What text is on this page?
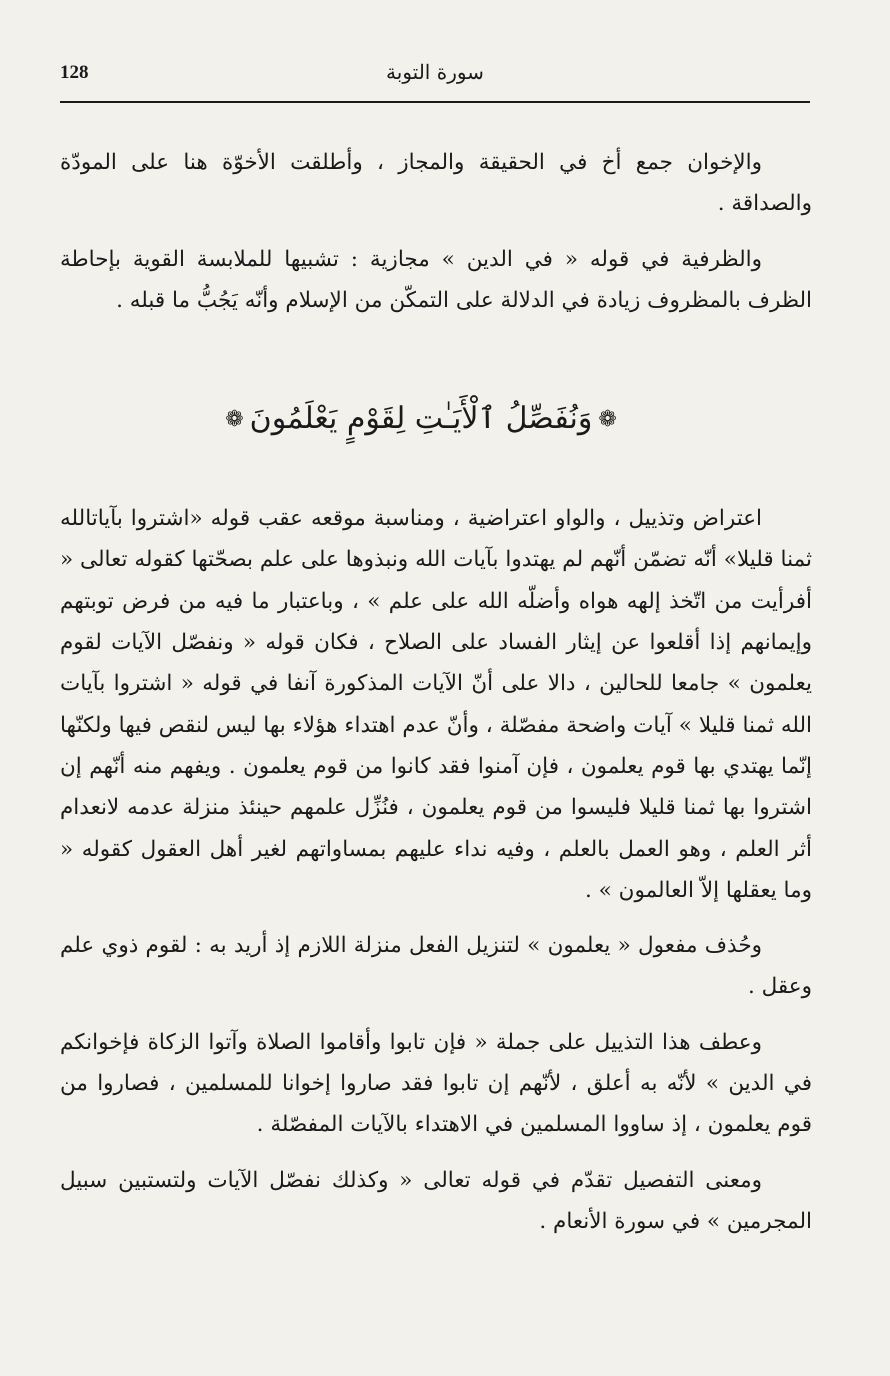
128	سورة التوبة

والإخوان جمع أخ في الحقيقة والمجاز ، وأطلقت الأخوّة هنا على المودّة والصداقة .

والظرفية في قوله « في الدين » مجازية : تشبيها للملابسة القوية بإحاطة الظرف بالمظروف زيادة في الدلالة على التمكّن من الإسلام وأنّه يَجُبُّ ما قبله .

❁وَنُفَصِّلُ ٱلْأَيَـٰتِ لِقَوْمٍ يَعْلَمُونَ❁

اعتراض وتذييل ، والواو اعتراضية ، ومناسبة موقعه عقب قوله «اشتروا بآياتالله ثمنا قليلا» أنّه تضمّن أنّهم لم يهتدوا بآيات الله ونبذوها على علم بصحّتها كقوله تعالى « أفرأيت من اتّخذ إلهه هواه وأضلّه الله على علم » ، وباعتبار ما فيه من فرض توبتهم وإيمانهم إذا أقلعوا عن إيثار الفساد على الصلاح ، فكان قوله « ونفصّل الآيات لقوم يعلمون » جامعا للحالين ، دالا على أنّ الآيات المذكورة آنفا في قوله « اشتروا بآيات الله ثمنا قليلا » آيات واضحة مفصّلة ، وأنّ عدم اهتداء هؤلاء بها ليس لنقص فيها ولكنّها إنّما يهتدي بها قوم يعلمون ، فإن آمنوا فقد كانوا من قوم يعلمون . ويفهم منه أنّهم إن اشتروا بها ثمنا قليلا فليسوا من قوم يعلمون ، فنُزِّل علمهم حينئذ منزلة عدمه لانعدام أثر العلم ، وهو العمل بالعلم ، وفيه نداء عليهم بمساواتهم لغير أهل العقول كقوله « وما يعقلها إلاّ العالمون » .

وحُذف مفعول « يعلمون » لتنزيل الفعل منزلة اللازم إذ أريد به : لقوم ذوي علم وعقل .

وعطف هذا التذييل على جملة « فإن تابوا وأقاموا الصلاة وآتوا الزكاة فإخوانكم في الدين » لأنّه به أعلق ، لأنّهم إن تابوا فقد صاروا إخوانا للمسلمين ، فصاروا من قوم يعلمون ، إذ ساووا المسلمين في الاهتداء بالآيات المفصّلة .

ومعنى التفصيل تقدّم في قوله تعالى « وكذلك نفصّل الآيات ولتستبين سبيل المجرمين » في سورة الأنعام .
